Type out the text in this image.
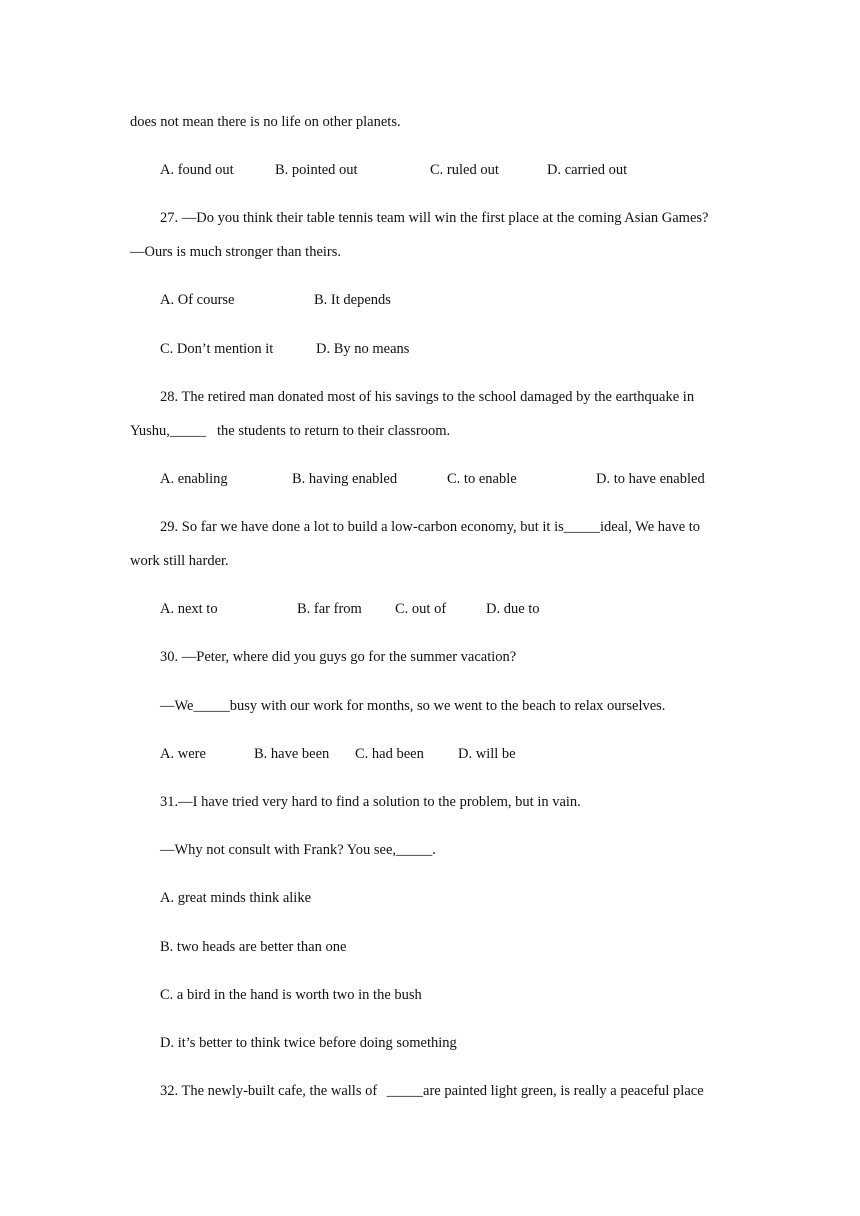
does not mean there is no life on other planets.
A. found out	B. pointed out	C. ruled out	D. carried out
27. —Do you think their table tennis team will win the first place at the coming Asian Games?
—Ours is much stronger than theirs.
A. Of course	B. It depends
C. Don’t mention it	D. By no means
28. The retired man donated most of his savings to the school damaged by the earthquake in
Yushu,_____ the students to return to their classroom.
A. enabling	B. having enabled	C. to enable	D. to have enabled
29. So far we have done a lot to build a low-carbon economy, but it is_____ideal, We have to
work still harder.
A. next to	B. far from C. out of	D. due to
30. —Peter, where did you guys go for the summer vacation?
—We_____busy with our work for months, so we went to the beach to relax ourselves.
A. were	B. have been C. had been D. will be
31.—I have tried very hard to find a solution to the problem, but in vain.
—Why not consult with Frank? You see,_____.
A. great minds think alike
B. two heads are better than one
C. a bird in the hand is worth two in the bush
D. it’s better to think twice before doing something
32. The newly-built cafe, the walls of _____are painted light green, is really a peaceful place
